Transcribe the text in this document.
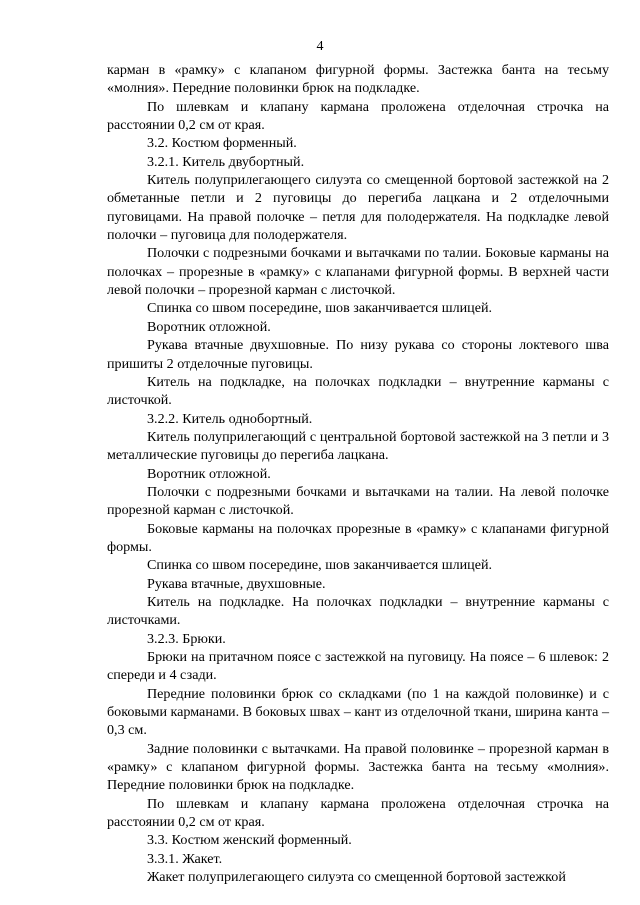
4

карман в «рамку» с клапаном фигурной формы. Застежка банта на тесьму «молния». Передние половинки брюк на подкладке.

По шлевкам и клапану кармана проложена отделочная строчка на расстоянии 0,2 см от края.

3.2. Костюм форменный.

3.2.1. Китель двубортный.

Китель полуприлегающего силуэта со смещенной бортовой застежкой на 2 обметанные петли и 2 пуговицы до перегиба лацкана и 2 отделочными пуговицами. На правой полочке – петля для полодержателя. На подкладке левой полочки – пуговица для полодержателя.

Полочки с подрезными бочками и вытачками по талии. Боковые карманы на полочках – прорезные в «рамку» с клапанами фигурной формы. В верхней части левой полочки – прорезной карман с листочкой.

Спинка со швом посередине, шов заканчивается шлицей.

Воротник отложной.

Рукава втачные двухшовные. По низу рукава со стороны локтевого шва пришиты 2 отделочные пуговицы.

Китель на подкладке, на полочках подкладки – внутренние карманы с листочкой.

3.2.2. Китель однобортный.

Китель полуприлегающий с центральной бортовой застежкой на 3 петли и 3 металлические пуговицы до перегиба лацкана.

Воротник отложной.

Полочки с подрезными бочками и вытачками на талии. На левой полочке прорезной карман с листочкой.

Боковые карманы на полочках прорезные в «рамку» с клапанами фигурной формы.

Спинка со швом посередине, шов заканчивается шлицей.

Рукава втачные, двухшовные.

Китель на подкладке. На полочках подкладки – внутренние карманы с листочками.

3.2.3. Брюки.

Брюки на притачном поясе с застежкой на пуговицу. На поясе – 6 шлевок: 2 спереди и 4 сзади.

Передние половинки брюк со складками (по 1 на каждой половинке) и с боковыми карманами. В боковых швах – кант из отделочной ткани, ширина канта – 0,3 см.

Задние половинки с вытачками. На правой половинке – прорезной карман в «рамку» с клапаном фигурной формы. Застежка банта на тесьму «молния». Передние половинки брюк на подкладке.

По шлевкам и клапану кармана проложена отделочная строчка на расстоянии 0,2 см от края.

3.3. Костюм женский форменный.

3.3.1. Жакет.

Жакет полуприлегающего силуэта со смещенной бортовой застежкой
